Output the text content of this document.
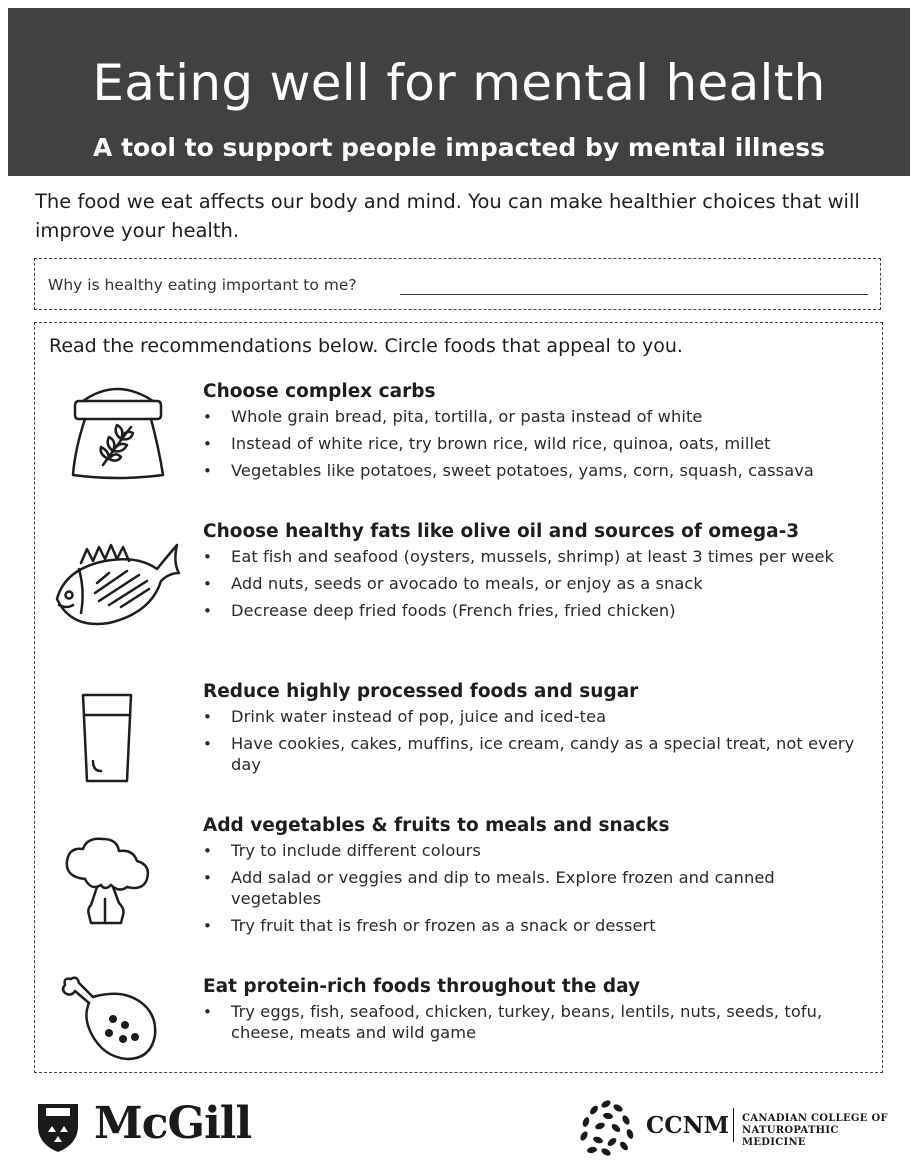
Eating well for mental health
A tool to support people impacted by mental illness
The food we eat affects our body and mind. You can make healthier choices that will improve your health.
Why is healthy eating important to me?
Read the recommendations below. Circle foods that appeal to you.
Choose complex carbs
• Whole grain bread, pita, tortilla, or pasta instead of white
• Instead of white rice, try brown rice, wild rice, quinoa, oats, millet
• Vegetables like potatoes, sweet potatoes, yams, corn, squash, cassava
Choose healthy fats like olive oil and sources of omega-3
• Eat fish and seafood (oysters, mussels, shrimp) at least 3 times per week
• Add nuts, seeds or avocado to meals, or enjoy as a snack
• Decrease deep fried foods (French fries, fried chicken)
Reduce highly processed foods and sugar
• Drink water instead of pop, juice and iced-tea
• Have cookies, cakes, muffins, ice cream, candy as a special treat, not every day
Add vegetables & fruits to meals and snacks
• Try to include different colours
• Add salad or veggies and dip to meals. Explore frozen and canned vegetables
• Try fruit that is fresh or frozen as a snack or dessert
Eat protein-rich foods throughout the day
• Try eggs, fish, seafood, chicken, turkey, beans, lentils, nuts, seeds, tofu, cheese, meats and wild game
McGill	CCNM CANADIAN COLLEGE OF
NATUROPATHIC MEDICINE
